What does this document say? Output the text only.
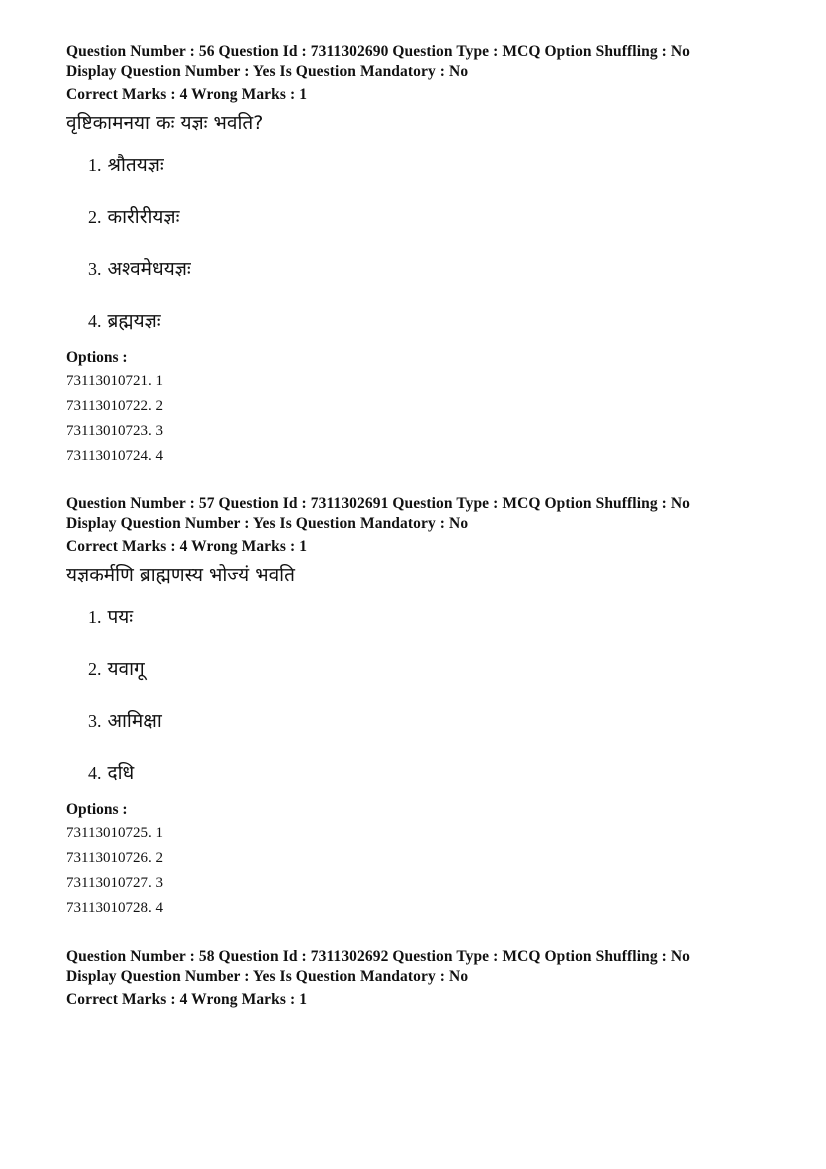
Question Number : 56 Question Id : 7311302690 Question Type : MCQ Option Shuffling : No
Display Question Number : Yes Is Question Mandatory : No
Correct Marks : 4 Wrong Marks : 1
वृष्टिकामनया कः यज्ञः भवति?
1. श्रौतयज्ञः
2. कारीरीयज्ञः
3. अश्वमेधयज्ञः
4. ब्रह्मयज्ञः
Options :
73113010721. 1
73113010722. 2
73113010723. 3
73113010724. 4
Question Number : 57 Question Id : 7311302691 Question Type : MCQ Option Shuffling : No
Display Question Number : Yes Is Question Mandatory : No
Correct Marks : 4 Wrong Marks : 1
यज्ञकर्मणि ब्राह्मणस्य भोज्यं भवति
1. पयः
2. यवागू
3. आमिक्षा
4. दधि
Options :
73113010725. 1
73113010726. 2
73113010727. 3
73113010728. 4
Question Number : 58 Question Id : 7311302692 Question Type : MCQ Option Shuffling : No
Display Question Number : Yes Is Question Mandatory : No
Correct Marks : 4 Wrong Marks : 1
